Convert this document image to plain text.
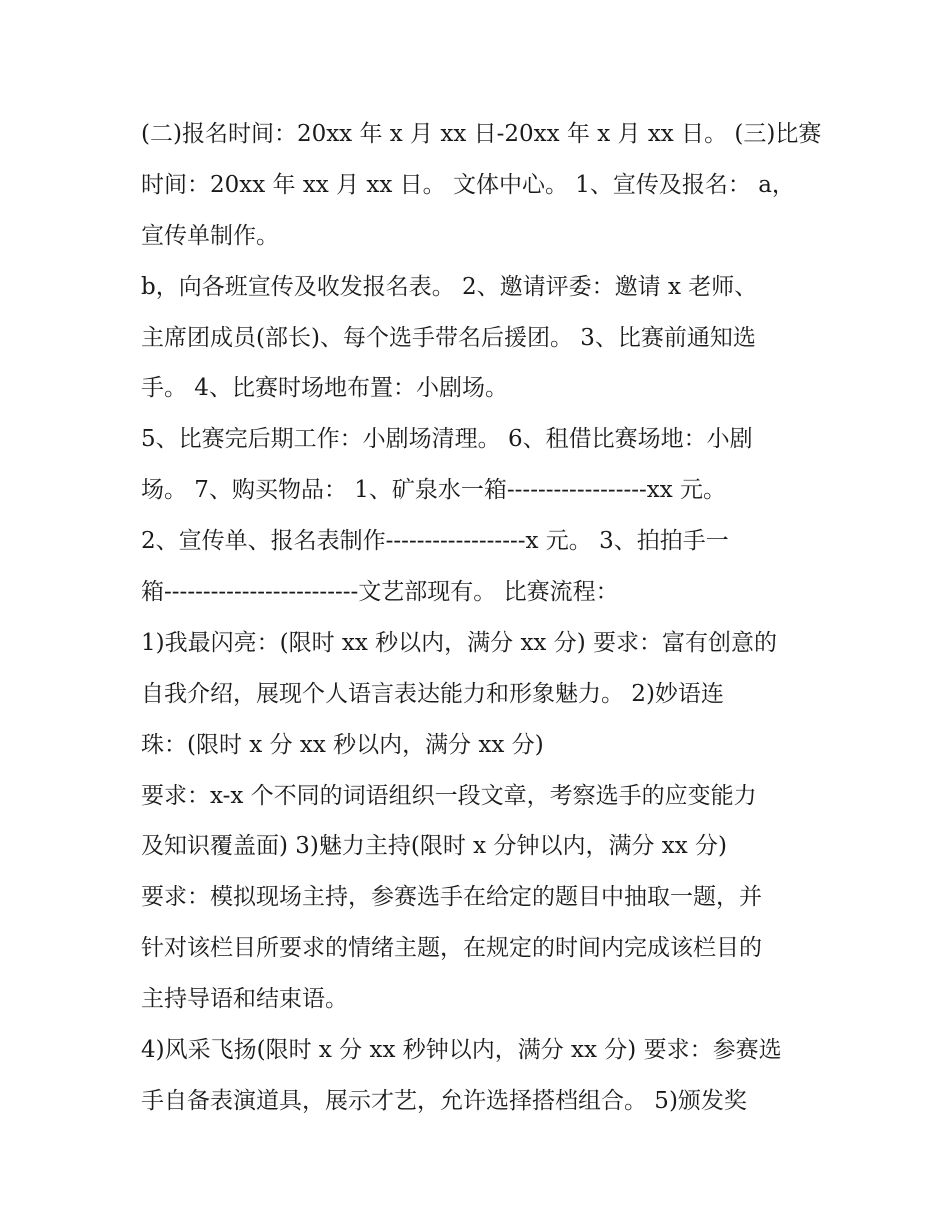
(二)报名时间：20xx 年 x 月 xx 日-20xx 年 x 月 xx 日。 (三)比赛
时间：20xx 年 xx 月 xx 日。 文体中心。 1、宣传及报名： a，
宣传单制作。
b，向各班宣传及收发报名表。 2、邀请评委：邀请 x 老师、
主席团成员(部长)、每个选手带名后援团。 3、比赛前通知选
手。 4、比赛时场地布置：小剧场。
5、比赛完后期工作：小剧场清理。 6、租借比赛场地：小剧
场。 7、购买物品： 1、矿泉水一箱------------------xx 元。
2、宣传单、报名表制作------------------x 元。 3、拍拍手一
箱-------------------------文艺部现有。 比赛流程：
1)我最闪亮：(限时 xx 秒以内，满分 xx 分) 要求：富有创意的
自我介绍，展现个人语言表达能力和形象魅力。 2)妙语连
珠：(限时 x 分 xx 秒以内，满分 xx 分)
要求：x-x 个不同的词语组织一段文章，考察选手的应变能力
及知识覆盖面) 3)魅力主持(限时 x 分钟以内，满分 xx 分)
要求：模拟现场主持，参赛选手在给定的题目中抽取一题，并
针对该栏目所要求的情绪主题，在规定的时间内完成该栏目的
主持导语和结束语。
4)风采飞扬(限时 x 分 xx 秒钟以内，满分 xx 分) 要求：参赛选
手自备表演道具，展示才艺，允许选择搭档组合。 5)颁发奖
